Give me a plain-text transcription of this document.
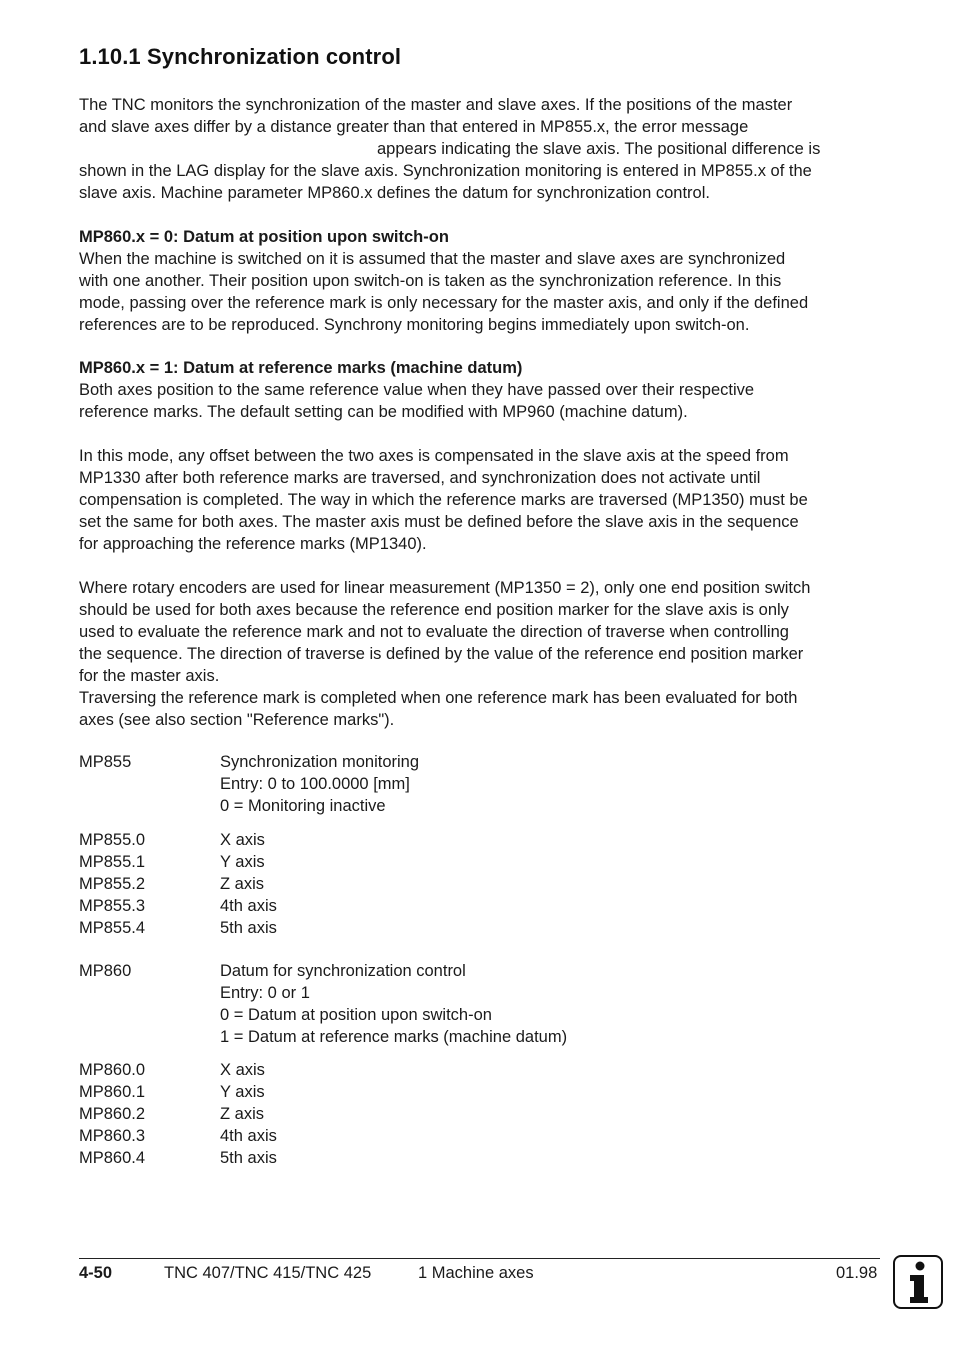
1.10.1 Synchronization control

The TNC monitors the synchronization of the master and slave axes. If the positions of the master

and slave axes differ by a distance greater than that entered in MP855.x, the error message

appears indicating the slave axis. The positional difference is

shown in the LAG display for the slave axis. Synchronization monitoring is entered in MP855.x of the

slave axis. Machine parameter MP860.x defines the datum for synchronization control.

MP860.x = 0: Datum at position upon switch-on

When the machine is switched on it is assumed that the master and slave axes are synchronized
with one another. Their position upon switch-on is taken as the synchronization reference. In this
mode, passing over the reference mark is only necessary for the master axis, and only if the defined
references are to be reproduced. Synchrony monitoring begins immediately upon switch-on.

MP860.x = 1: Datum at reference marks (machine datum)

Both axes position to the same reference value when they have passed over their respective
reference marks. The default setting can be modified with MP960 (machine datum).

In this mode, any offset between the two axes is compensated in the slave axis at the speed from
MP1330 after both reference marks are traversed, and synchronization does not activate until
compensation is completed. The way in which the reference marks are traversed (MP1350) must be
set the same for both axes. The master axis must be defined before the slave axis in the sequence
for approaching the reference marks (MP1340).

Where rotary encoders are used for linear measurement (MP1350 = 2), only one end position switch
should be used for both axes because the reference end position marker for the slave axis is only
used to evaluate the reference mark and not to evaluate the direction of traverse when controlling
the sequence. The direction of traverse is defined by the value of the reference end position marker
for the master axis.

Traversing the reference mark is completed when one reference mark has been evaluated for both
axes (see also section "Reference marks").

MP855	Synchronization monitoring
Entry: 0 to 100.0000 [mm]
0 = Monitoring inactive
MP855.0	X axis
MP855.1	Y axis
MP855.2	Z axis
MP855.3	4th axis
MP855.4	5th axis
MP860	Datum for synchronization control
Entry: 0 or 1
0 = Datum at position upon switch-on
1 = Datum at reference marks (machine datum)
MP860.0	X axis
MP860.1	Y axis
MP860.2	Z axis
MP860.3	4th axis
MP860.4	5th axis
4-50	TNC 407/TNC 415/TNC 425	1 Machine axes	01.98
